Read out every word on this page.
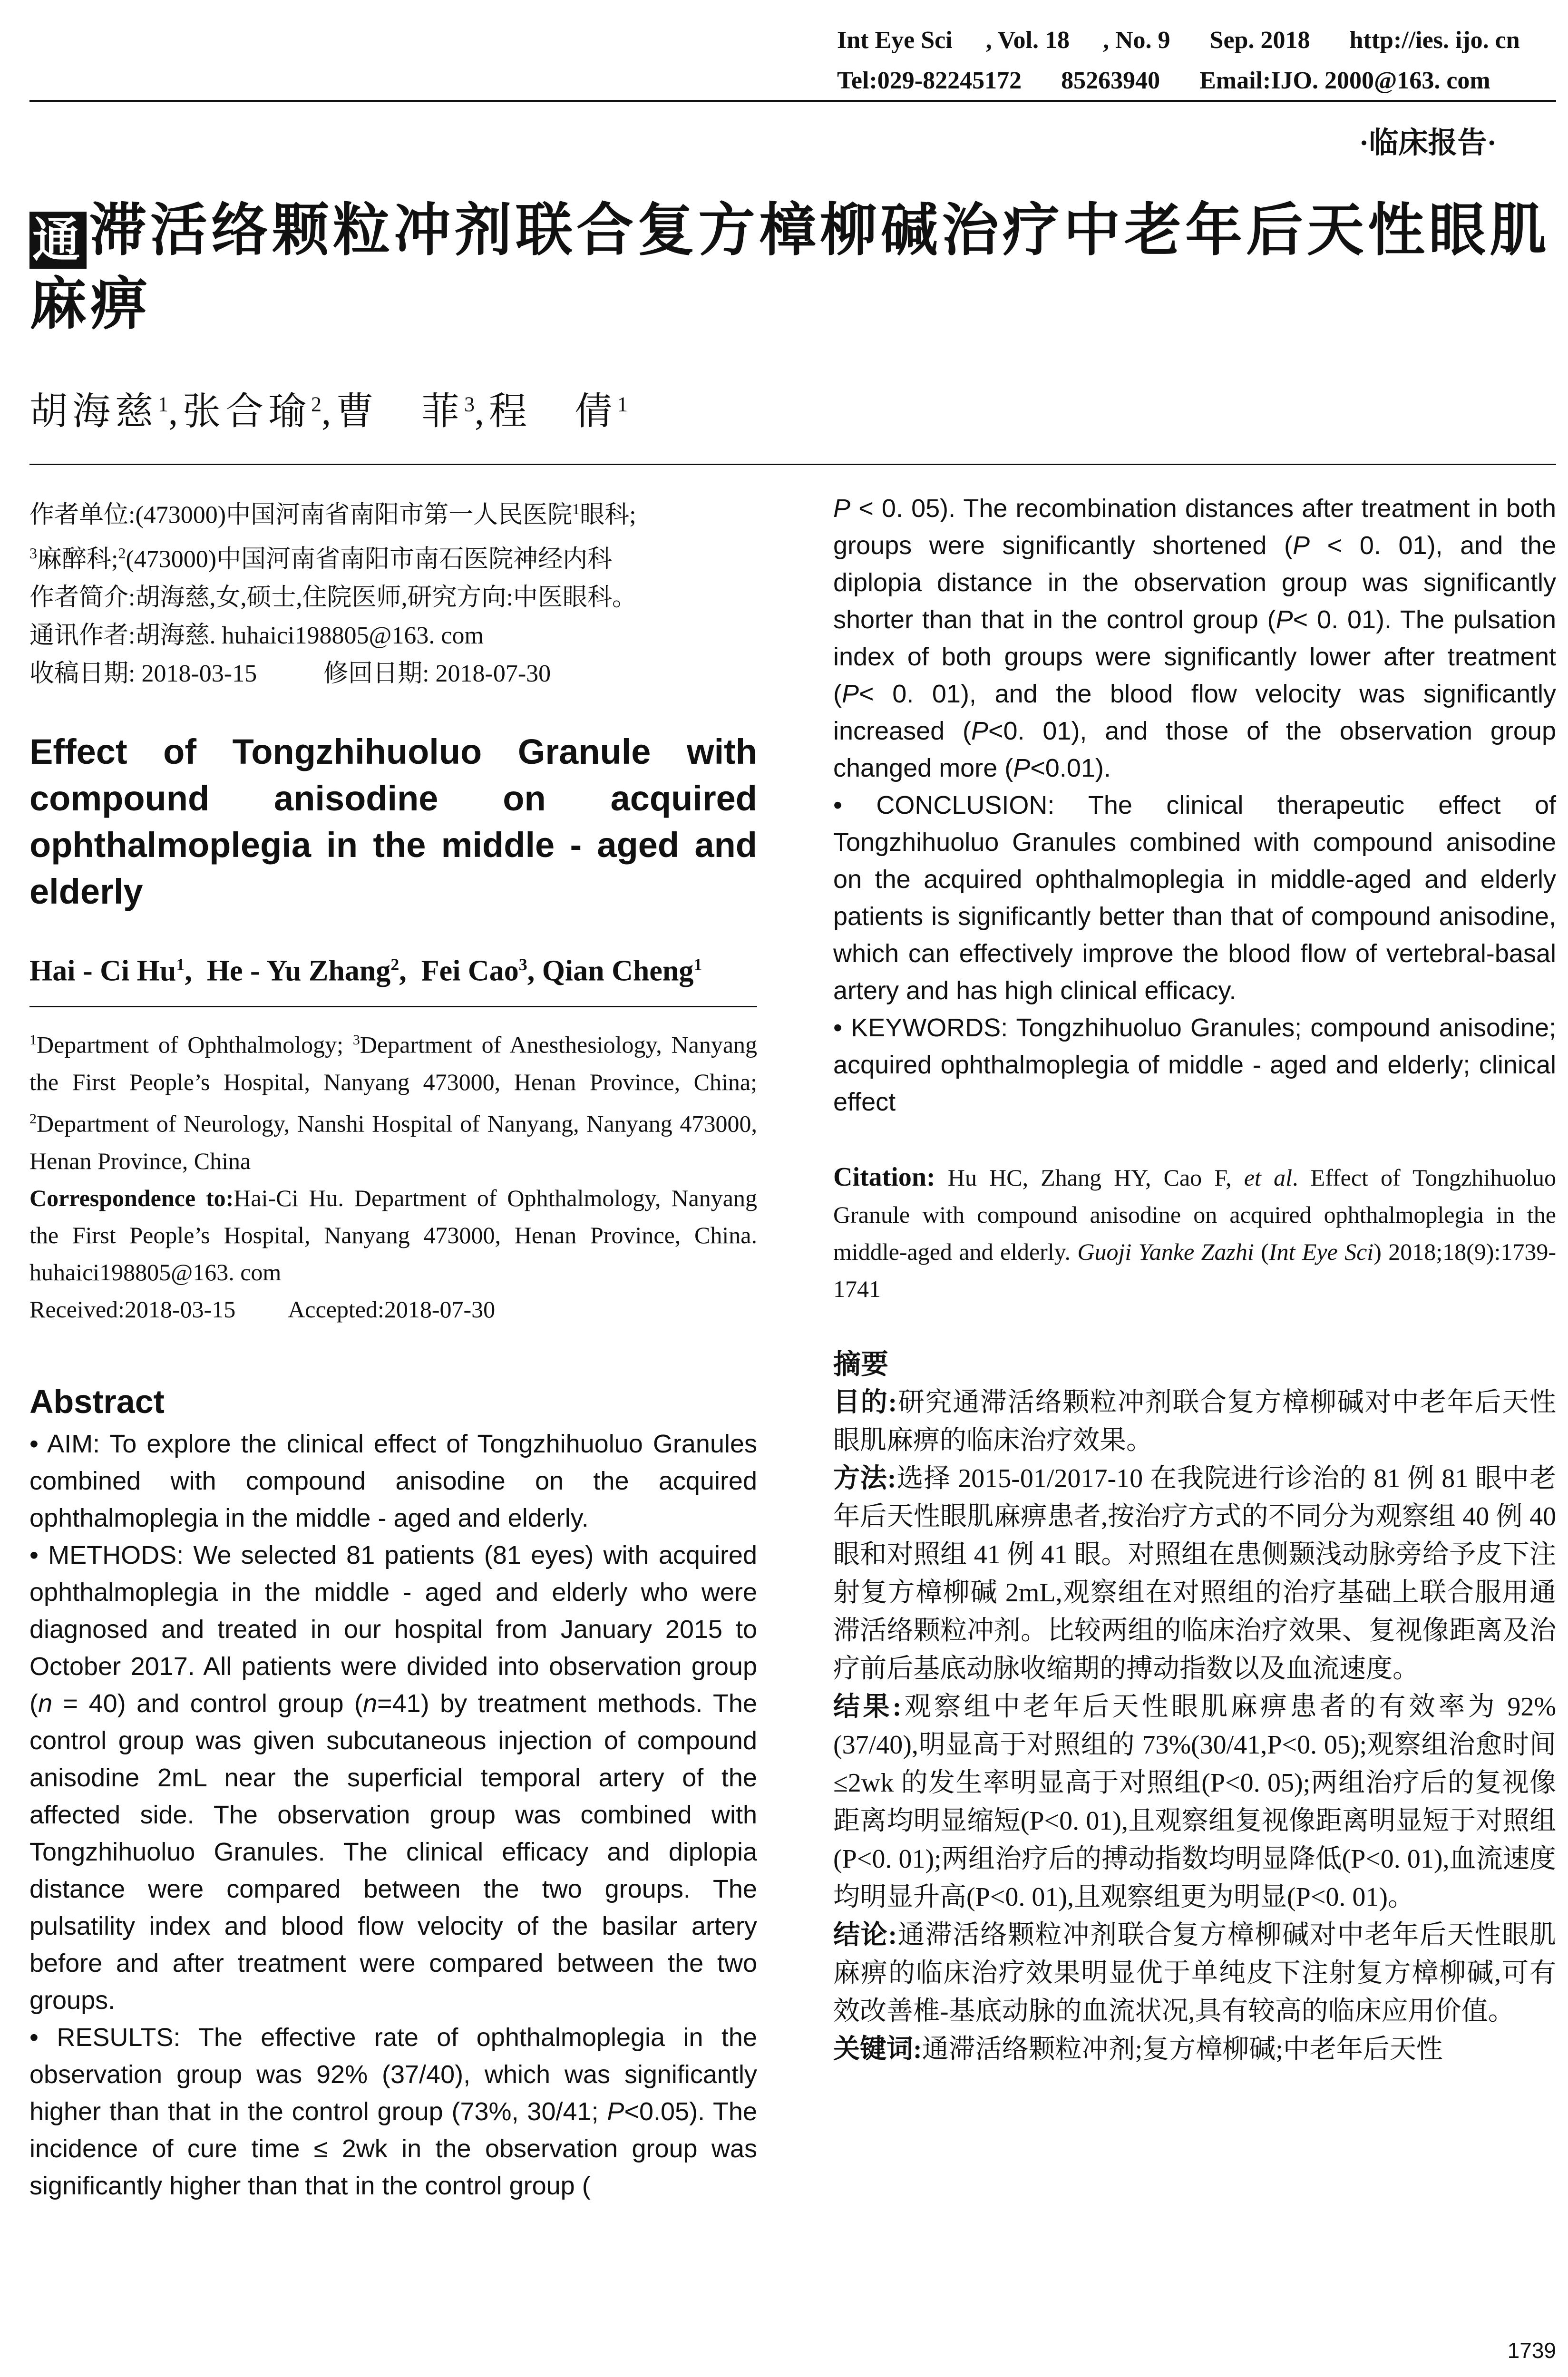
Int Eye Sci , Vol. 18 , No. 9 Sep. 2018 http://ies. ijo. cn
Tel:029-82245172 85263940 Email:IJO. 2000@163. com
·临床报告·
通 滞活络颗粒冲剂联合复方樟柳碱治疗中老年后天性眼肌麻痹
胡海慈$^1$,张合瑜$^2$,曹　菲$^3$,程　倩$^1$
作者单位:(473000)中国河南省南阳市第一人民医院$^1$眼科;
$^3$麻醉科;$^2$(473000)中国河南省南阳市南石医院神经内科
作者简介:胡海慈,女,硕士,住院医师,研究方向:中医眼科。
通讯作者:胡海慈. huhaici198805@163. com
收稿日期: 2018-03-15	修回日期: 2018-07-30
Effect of Tongzhihuoluo Granule with compound anisodine on acquired ophthalmoplegia in the middle - aged and elderly
Hai - Ci Hu$^1$,  He - Yu Zhang$^2$,  Fei Cao$^3$, Qian Cheng$^1$
$^1$Department of Ophthalmology; $^3$Department of Anesthesiology, Nanyang the First People’s Hospital, Nanyang 473000, Henan Province, China; $^2$Department of Neurology, Nanshi Hospital of Nanyang, Nanyang 473000, Henan Province, China
Correspondence to:Hai-Ci Hu. Department of Ophthalmology, Nanyang the First People’s Hospital, Nanyang 473000, Henan Province, China. huhaici198805@163. com
Received:2018-03-15 Accepted:2018-07-30
Abstract
• AIM: To explore the clinical effect of Tongzhihuoluo Granules combined with compound anisodine on the acquired ophthalmoplegia in the middle - aged and elderly.
• METHODS: We selected 81 patients (81 eyes) with acquired ophthalmoplegia in the middle - aged and elderly who were diagnosed and treated in our hospital from January 2015 to October 2017. All patients were divided into observation group (n = 40) and control group (n=41) by treatment methods. The control group was given subcutaneous injection of compound anisodine 2mL near the superficial temporal artery of the affected side. The observation group was combined with Tongzhihuoluo Granules. The clinical efficacy and diplopia distance were compared between the two groups. The pulsatility index and blood flow velocity of the basilar artery before and after treatment were compared between the two groups.
• RESULTS: The effective rate of ophthalmoplegia in the observation group was 92% (37/40), which was significantly higher than that in the control group (73%, 30/41; P<0.05). The incidence of cure time ≤ 2wk in the observation group was significantly higher than that in the control group (
P < 0. 05). The recombination distances after treatment in both groups were significantly shortened (P < 0. 01), and the diplopia distance in the observation group was significantly shorter than that in the control group (P< 0. 01). The pulsation index of both groups were significantly lower after treatment (P< 0. 01), and the blood flow velocity was significantly increased (P<0. 01), and those of the observation group changed more (P<0.01).
• CONCLUSION: The clinical therapeutic effect of Tongzhihuoluo Granules combined with compound anisodine on the acquired ophthalmoplegia in middle-aged and elderly patients is significantly better than that of compound anisodine, which can effectively improve the blood flow of vertebral-basal artery and has high clinical efficacy.
• KEYWORDS: Tongzhihuoluo Granules; compound anisodine; acquired ophthalmoplegia of middle - aged and elderly; clinical effect
Citation: Hu HC, Zhang HY, Cao F, et al. Effect of Tongzhihuoluo Granule with compound anisodine on acquired ophthalmoplegia in the middle-aged and elderly. Guoji Yanke Zazhi (Int Eye Sci) 2018;18(9):1739-1741
摘要
目的:研究通滞活络颗粒冲剂联合复方樟柳碱对中老年后天性眼肌麻痹的临床治疗效果。
方法:选择 2015-01/2017-10 在我院进行诊治的 81 例 81 眼中老年后天性眼肌麻痹患者,按治疗方式的不同分为观察组 40 例 40 眼和对照组 41 例 41 眼。对照组在患侧颞浅动脉旁给予皮下注射复方樟柳碱 2mL,观察组在对照组的治疗基础上联合服用通滞活络颗粒冲剂。比较两组的临床治疗效果、复视像距离及治疗前后基底动脉收缩期的搏动指数以及血流速度。
结果:观察组中老年后天性眼肌麻痹患者的有效率为 92%(37/40),明显高于对照组的 73%(30/41,P<0. 05);观察组治愈时间≤2wk 的发生率明显高于对照组(P<0. 05);两组治疗后的复视像距离均明显缩短(P<0. 01),且观察组复视像距离明显短于对照组(P<0. 01);两组治疗后的搏动指数均明显降低(P<0. 01),血流速度均明显升高(P<0. 01),且观察组更为明显(P<0. 01)。
结论:通滞活络颗粒冲剂联合复方樟柳碱对中老年后天性眼肌麻痹的临床治疗效果明显优于单纯皮下注射复方樟柳碱,可有效改善椎-基底动脉的血流状况,具有较高的临床应用价值。
关键词:通滞活络颗粒冲剂;复方樟柳碱;中老年后天性
1739
